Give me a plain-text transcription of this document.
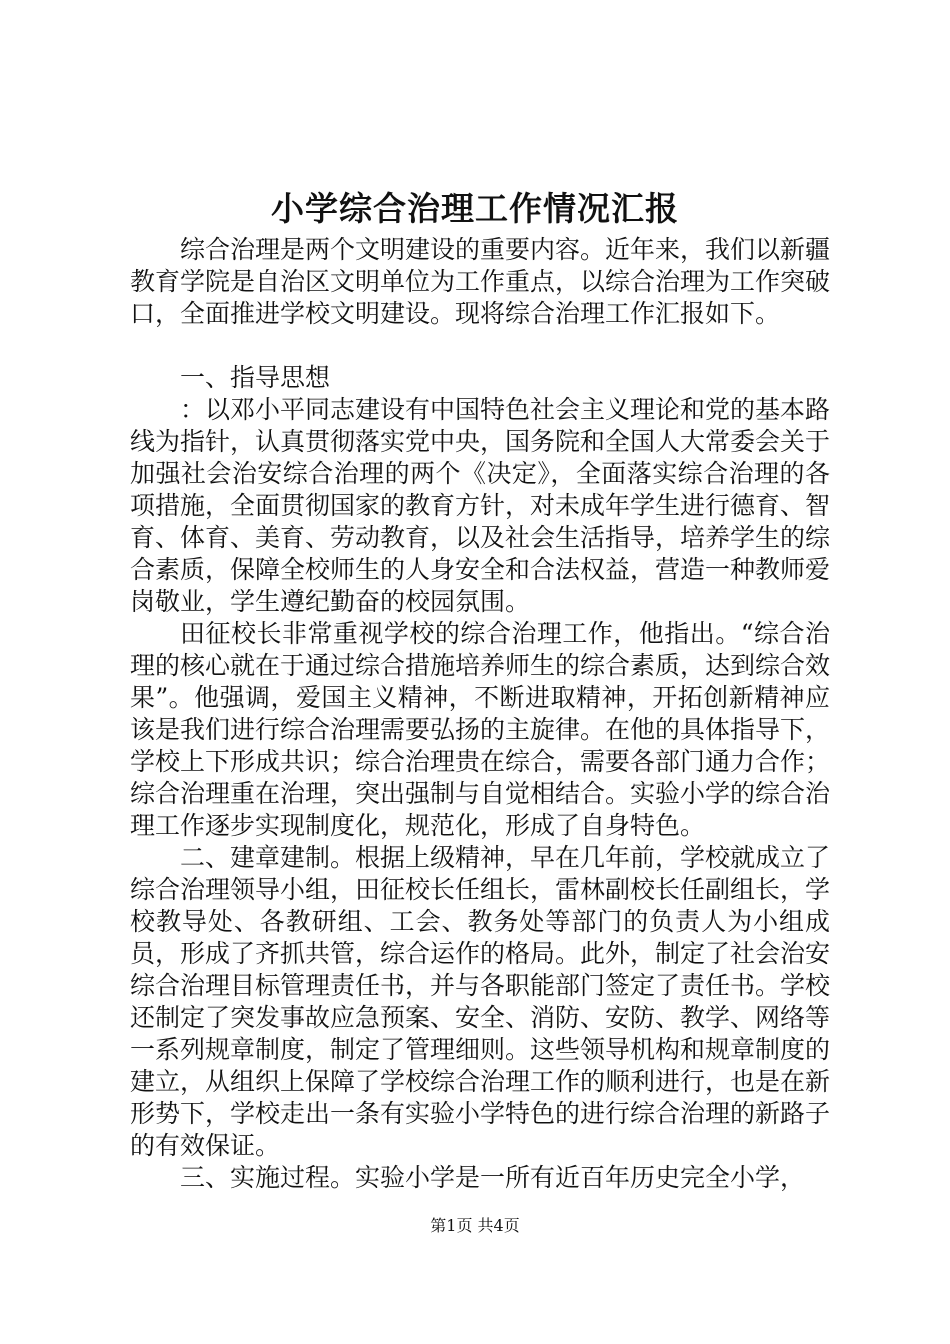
小学综合治理工作情况汇报

综合治理是两个文明建设的重要内容。近年来，我们以新疆教育学院是自治区文明单位为工作重点，以综合治理为工作突破口，全面推进学校文明建设。现将综合治理工作汇报如下。

一、指导思想

：以邓小平同志建设有中国特色社会主义理论和党的基本路线为指针，认真贯彻落实党中央，国务院和全国人大常委会关于加强社会治安综合治理的两个《决定》，全面落实综合治理的各项措施，全面贯彻国家的教育方针，对未成年学生进行德育、智育、体育、美育、劳动教育，以及社会生活指导，培养学生的综合素质，保障全校师生的人身安全和合法权益，营造一种教师爱岗敬业，学生遵纪勤奋的校园氛围。

田征校长非常重视学校的综合治理工作，他指出。“综合治理的核心就在于通过综合措施培养师生的综合素质，达到综合效果”。他强调，爱国主义精神，不断进取精神，开拓创新精神应该是我们进行综合治理需要弘扬的主旋律。在他的具体指导下，学校上下形成共识；综合治理贵在综合，需要各部门通力合作；综合治理重在治理，突出强制与自觉相结合。实验小学的综合治理工作逐步实现制度化，规范化，形成了自身特色。

二、建章建制。根据上级精神，早在几年前，学校就成立了综合治理领导小组，田征校长任组长，雷林副校长任副组长，学校教导处、各教研组、工会、教务处等部门的负责人为小组成员，形成了齐抓共管，综合运作的格局。此外，制定了社会治安综合治理目标管理责任书，并与各职能部门签定了责任书。学校还制定了突发事故应急预案、安全、消防、安防、教学、网络等一系列规章制度，制定了管理细则。这些领导机构和规章制度的建立，从组织上保障了学校综合治理工作的顺利进行，也是在新形势下，学校走出一条有实验小学特色的进行综合治理的新路子的有效保证。

三、实施过程。实验小学是一所有近百年历史完全小学，

第1页 共4页
